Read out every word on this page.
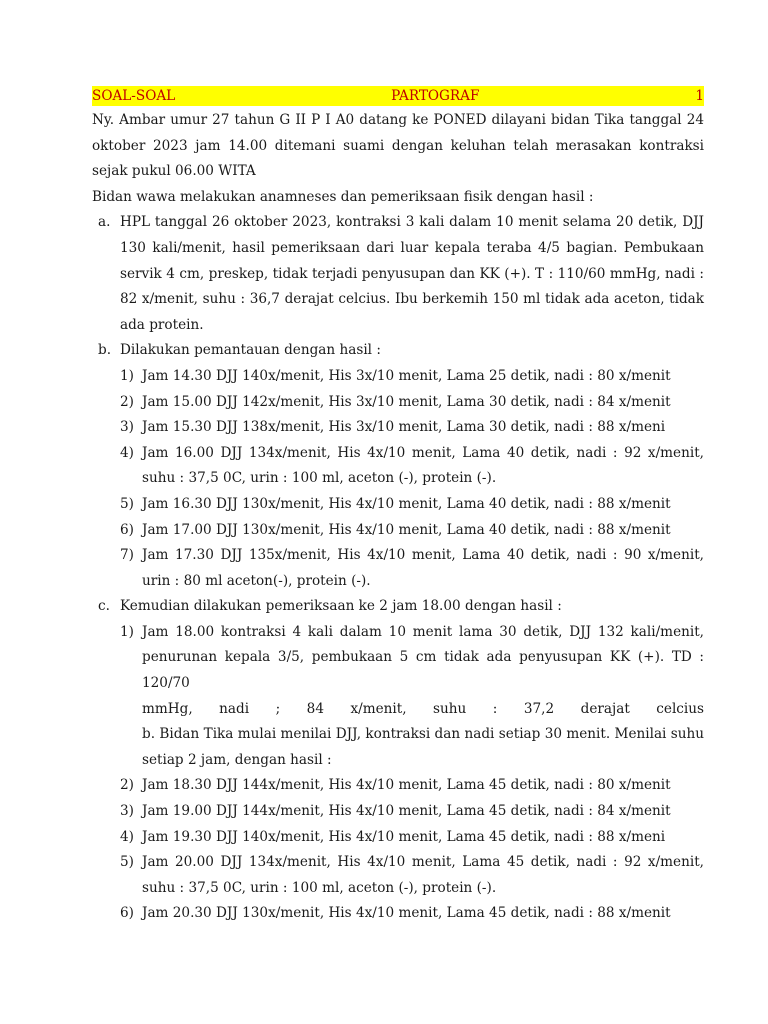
SOAL-SOAL	PARTOGRAF	1

Ny. Ambar umur 27 tahun G II P I A0 datang ke PONED dilayani bidan Tika tanggal 24 oktober 2023 jam 14.00 ditemani suami dengan keluhan telah merasakan kontraksi sejak pukul 06.00 WITA

Bidan wawa melakukan anamneses dan pemeriksaan fisik dengan hasil :

a. HPL tanggal 26 oktober 2023, kontraksi 3 kali dalam 10 menit selama 20 detik, DJJ 130 kali/menit, hasil pemeriksaan dari luar kepala teraba 4/5 bagian. Pembukaan servik 4 cm, preskep, tidak terjadi penyusupan dan KK (+). T : 110/60 mmHg, nadi : 82 x/menit, suhu : 36,7 derajat celcius. Ibu berkemih 150 ml tidak ada aceton, tidak ada protein.
b. Dilakukan pemantauan dengan hasil :
1) Jam 14.30 DJJ 140x/menit, His 3x/10 menit, Lama 25 detik, nadi : 80 x/menit
2) Jam 15.00 DJJ 142x/menit, His 3x/10 menit, Lama 30 detik, nadi : 84 x/menit
3) Jam 15.30 DJJ 138x/menit, His 3x/10 menit, Lama 30 detik, nadi : 88 x/meni
4) Jam 16.00 DJJ 134x/menit, His 4x/10 menit, Lama 40 detik, nadi : 92 x/menit, suhu : 37,5 0C, urin : 100 ml, aceton (-), protein (-).
5) Jam 16.30 DJJ 130x/menit, His 4x/10 menit, Lama 40 detik, nadi : 88 x/menit
6) Jam 17.00 DJJ 130x/menit, His 4x/10 menit, Lama 40 detik, nadi : 88 x/menit
7) Jam 17.30 DJJ 135x/menit, His 4x/10 menit, Lama 40 detik, nadi : 90 x/menit, urin : 80 ml aceton(-), protein (-).
c. Kemudian dilakukan pemeriksaan ke 2 jam 18.00 dengan hasil :
1) Jam 18.00 kontraksi 4 kali dalam 10 menit lama 30 detik, DJJ 132 kali/menit, penurunan kepala 3/5, pembukaan 5 cm tidak ada penyusupan KK (+). TD : 120/70
mmHg, nadi ; 84 x/menit, suhu : 37,2 derajat celcius
b. Bidan Tika mulai menilai DJJ, kontraksi dan nadi setiap 30 menit. Menilai suhu setiap 2 jam, dengan hasil :
2) Jam 18.30 DJJ 144x/menit, His 4x/10 menit, Lama 45 detik, nadi : 80 x/menit
3) Jam 19.00 DJJ 144x/menit, His 4x/10 menit, Lama 45 detik, nadi : 84 x/menit
4) Jam 19.30 DJJ 140x/menit, His 4x/10 menit, Lama 45 detik, nadi : 88 x/meni
5) Jam 20.00 DJJ 134x/menit, His 4x/10 menit, Lama 45 detik, nadi : 92 x/menit, suhu : 37,5 0C, urin : 100 ml, aceton (-), protein (-).
6) Jam 20.30 DJJ 130x/menit, His 4x/10 menit, Lama 45 detik, nadi : 88 x/menit
